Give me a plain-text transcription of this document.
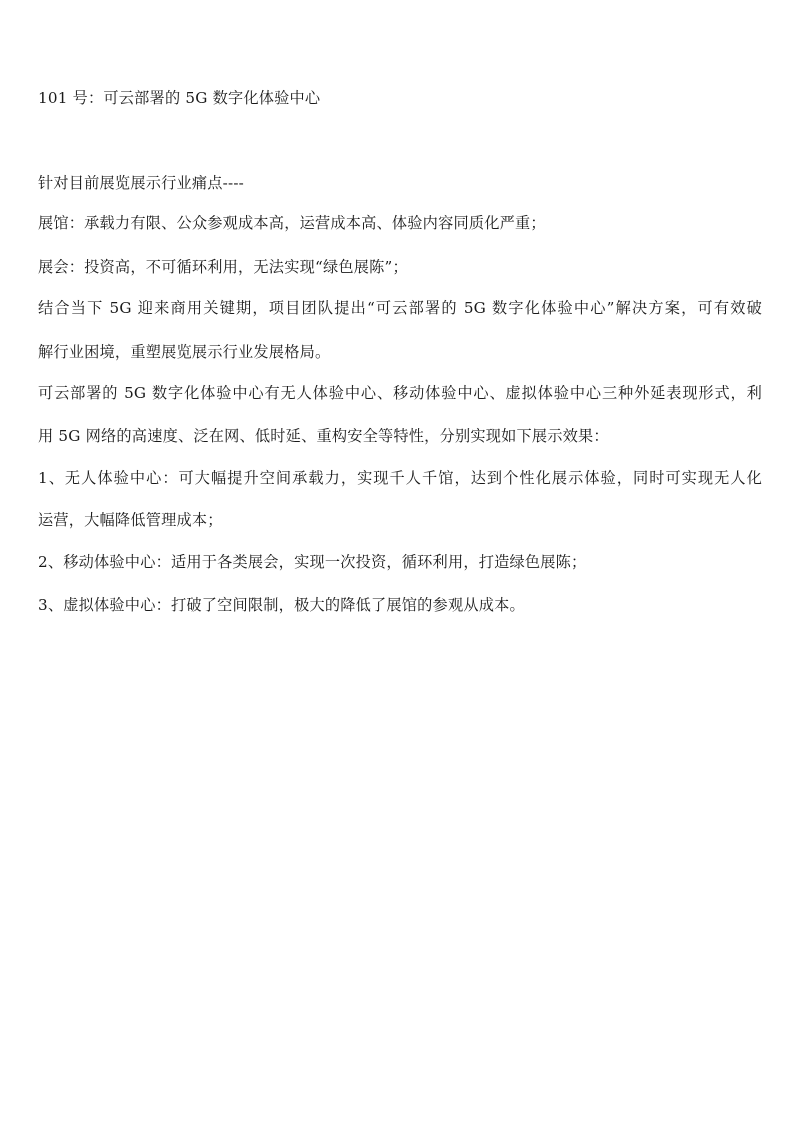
101 号：可云部署的 5G 数字化体验中心

针对目前展览展示行业痛点----

展馆：承载力有限、公众参观成本高，运营成本高、体验内容同质化严重；

展会：投资高，不可循环利用，无法实现“绿色展陈”；

结合当下 5G 迎来商用关键期，项目团队提出“可云部署的 5G 数字化体验中心”解决方案，可有效破

解行业困境，重塑展览展示行业发展格局。

可云部署的 5G 数字化体验中心有无人体验中心、移动体验中心、虚拟体验中心三种外延表现形式，利

用 5G 网络的高速度、泛在网、低时延、重构安全等特性，分别实现如下展示效果：

1、无人体验中心：可大幅提升空间承载力，实现千人千馆，达到个性化展示体验，同时可实现无人化

运营，大幅降低管理成本；

2、移动体验中心：适用于各类展会，实现一次投资，循环利用，打造绿色展陈；

3、虚拟体验中心：打破了空间限制，极大的降低了展馆的参观从成本。
